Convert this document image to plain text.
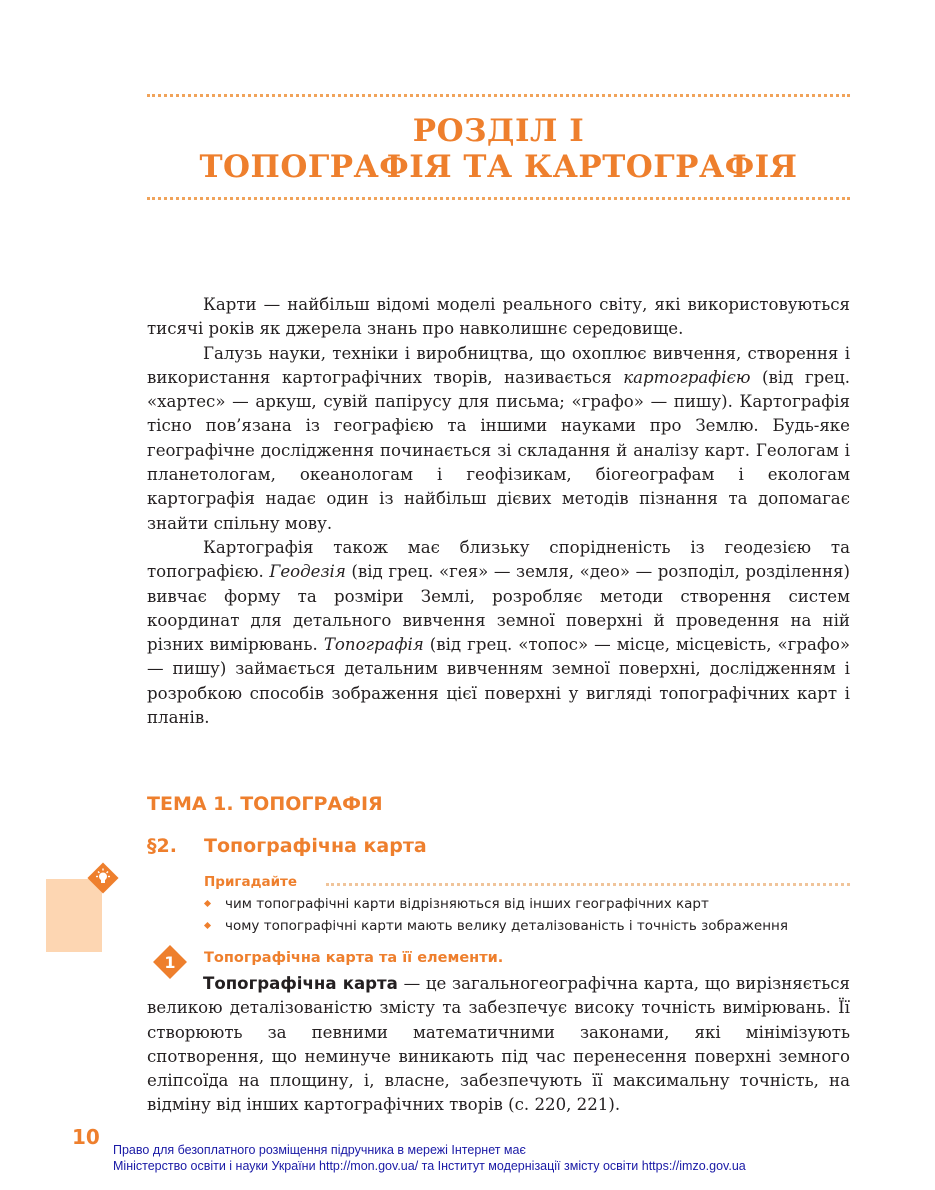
РОЗДІЛ I
ТОПОГРАФІЯ ТА КАРТОГРАФІЯ

Карти — найбільш відомі моделі реального світу, які використовуються тисячі років як джерела знань про навколишнє середовище.

Галузь науки, техніки і виробництва, що охоплює вивчення, створення і використання картографічних творів, називається картографією (від грец. «хартес» — аркуш, сувій папірусу для письма; «графо» — пишу). Картографія тісно пов’язана із географією та іншими науками про Землю. Будь-яке географічне дослідження починається зі складання й аналізу карт. Геологам і планетологам, океанологам і геофізикам, біогеографам і екологам картографія надає один із найбільш дієвих методів пізнання та допомагає знайти спільну мову.

Картографія також має близьку спорідненість із геодезією та топографією. Геодезія (від грец. «гея» — земля, «део» — розподіл, розділення) вивчає форму та розміри Землі, розробляє методи створення систем координат для детального вивчення земної поверхні й проведення на ній різних вимірювань. Топографія (від грец. «топос» — місце, місцевість, «графо» — пишу) займається детальним вивченням земної поверхні, дослідженням і розробкою способів зображення цієї поверхні у вигляді топографічних карт і планів.

ТЕМА 1. ТОПОГРАФІЯ
§2. Топографічна карта
Пригадайте
чим топографічні карти відрізняються від інших географічних карт
чому топографічні карти мають велику деталізованість і точність зображення
1 Топографічна карта та її елементи.

Топографічна карта — це загальногеографічна карта, що вирізняється великою деталізованістю змісту та забезпечує високу точність вимірювань. Її створюють за певними математичними законами, які мінімізують спотворення, що неминуче виникають під час перенесення поверхні земного еліпсоїда на площину, і, власне, забезпечують її максимальну точність, на відміну від інших картографічних творів (с. 220, 221).

10
Право для безоплатного розміщення підручника в мережі Інтернет має
Міністерство освіти і науки України http://mon.gov.ua/ та Інститут модернізації змісту освіти https://imzo.gov.ua
